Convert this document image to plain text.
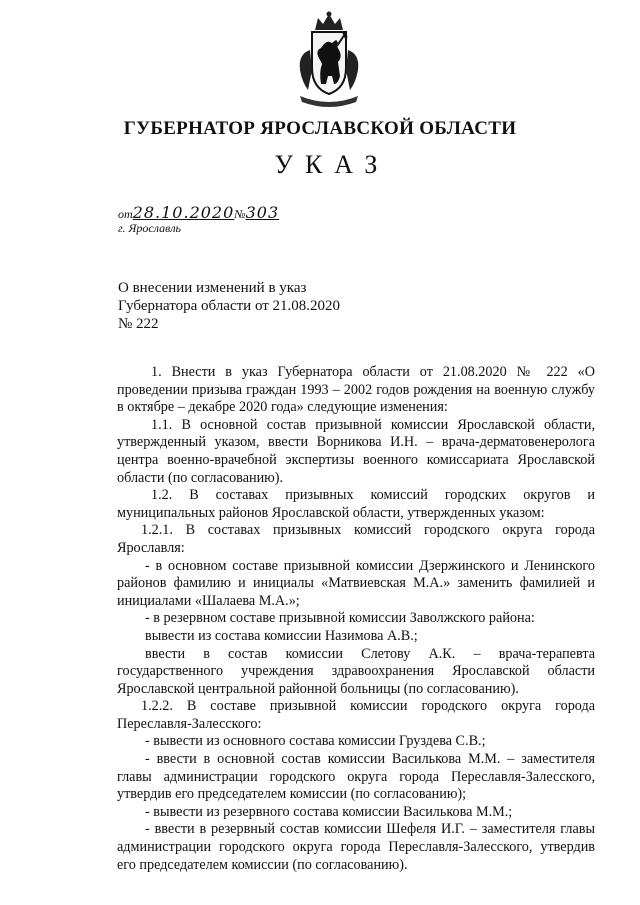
ГУБЕРНАТОР ЯРОСЛАВСКОЙ ОБЛАСТИ
УКАЗ
от28.10.2020№303
г. Ярославль
О внесении изменений в указ
Губернатора области от 21.08.2020
№ 222

1. Внести в указ Губернатора области от 21.08.2020 № 222 «О проведении призыва граждан 1993 – 2002 годов рождения на военную службу в октябре – декабре 2020 года» следующие изменения:

1.1. В основной состав призывной комиссии Ярославской области, утвержденный указом, ввести Ворникова И.Н. – врача-дерматовенеролога центра военно-врачебной экспертизы военного комиссариата Ярославской области (по согласованию).

1.2. В составах призывных комиссий городских округов и муниципальных районов Ярославской области, утвержденных указом:

1.2.1. В составах призывных комиссий городского округа города Ярославля:

- в основном составе призывной комиссии Дзержинского и Ленинского районов фамилию и инициалы «Матвиевская М.А.» заменить фамилией и инициалами «Шалаева М.А.»;

- в резервном составе призывной комиссии Заволжского района:

вывести из состава комиссии Назимова А.В.;

ввести в состав комиссии Слетову А.К. – врача-терапевта государственного учреждения здравоохранения Ярославской области Ярославской центральной районной больницы (по согласованию).

1.2.2. В составе призывной комиссии городского округа города Переславля-Залесского:

- вывести из основного состава комиссии Груздева С.В.;

- ввести в основной состав комиссии Василькова М.М. – заместителя главы администрации городского округа города Переславля-Залесского, утвердив его председателем комиссии (по согласованию);

- вывести из резервного состава комиссии Василькова М.М.;

- ввести в резервный состав комиссии Шефеля И.Г. – заместителя главы администрации городского округа города Переславля-Залесского, утвердив его председателем комиссии (по согласованию).
